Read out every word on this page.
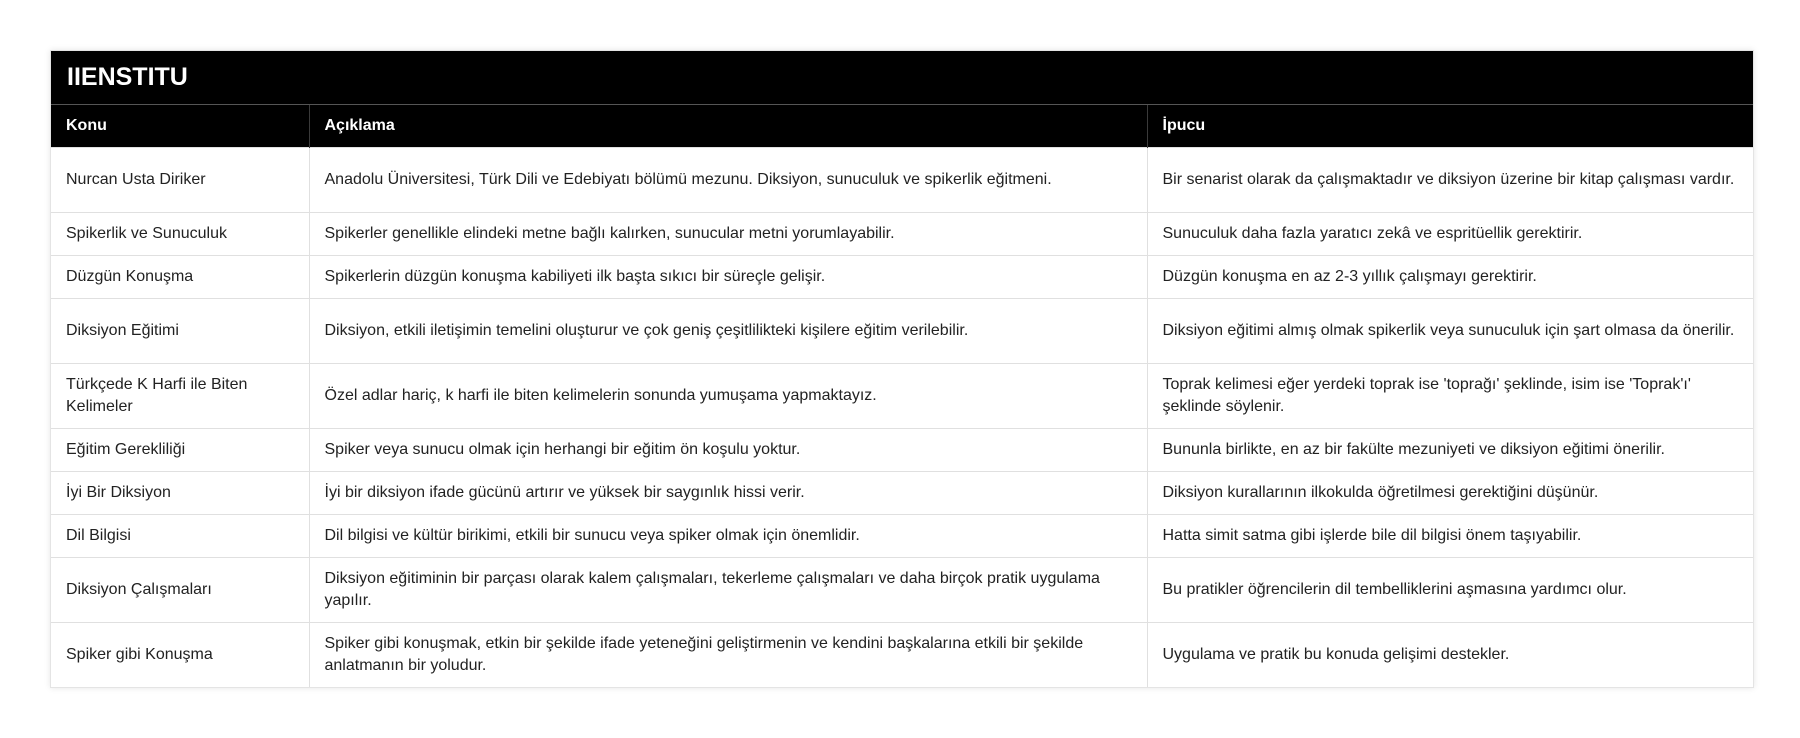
IIENSTITU
Konu	Açıklama	İpucu
Nurcan Usta Diriker	Anadolu Üniversitesi, Türk Dili ve Edebiyatı bölümü mezunu. Diksiyon, sunuculuk ve spikerlik eğitmeni.	Bir senarist olarak da çalışmaktadır ve diksiyon üzerine bir kitap çalışması vardır.
Spikerlik ve Sunuculuk	Spikerler genellikle elindeki metne bağlı kalırken, sunucular metni yorumlayabilir.	Sunuculuk daha fazla yaratıcı zekâ ve espritüellik gerektirir.
Düzgün Konuşma	Spikerlerin düzgün konuşma kabiliyeti ilk başta sıkıcı bir süreçle gelişir.	Düzgün konuşma en az 2-3 yıllık çalışmayı gerektirir.
Diksiyon Eğitimi	Diksiyon, etkili iletişimin temelini oluşturur ve çok geniş çeşitlilikteki kişilere eğitim verilebilir.	Diksiyon eğitimi almış olmak spikerlik veya sunuculuk için şart olmasa da önerilir.
Türkçede K Harfi ile Biten Kelimeler	Özel adlar hariç, k harfi ile biten kelimelerin sonunda yumuşama yapmaktayız.	Toprak kelimesi eğer yerdeki toprak ise 'toprağı' şeklinde, isim ise 'Toprak'ı' şeklinde söylenir.
Eğitim Gerekliliği	Spiker veya sunucu olmak için herhangi bir eğitim ön koşulu yoktur.	Bununla birlikte, en az bir fakülte mezuniyeti ve diksiyon eğitimi önerilir.
İyi Bir Diksiyon	İyi bir diksiyon ifade gücünü artırır ve yüksek bir saygınlık hissi verir.	Diksiyon kurallarının ilkokulda öğretilmesi gerektiğini düşünür.
Dil Bilgisi	Dil bilgisi ve kültür birikimi, etkili bir sunucu veya spiker olmak için önemlidir.	Hatta simit satma gibi işlerde bile dil bilgisi önem taşıyabilir.
Diksiyon Çalışmaları	Diksiyon eğitiminin bir parçası olarak kalem çalışmaları, tekerleme çalışmaları ve daha birçok pratik uygulama yapılır.	Bu pratikler öğrencilerin dil tembelliklerini aşmasına yardımcı olur.
Spiker gibi Konuşma	Spiker gibi konuşmak, etkin bir şekilde ifade yeteneğini geliştirmenin ve kendini başkalarına etkili bir şekilde anlatmanın bir yoludur.	Uygulama ve pratik bu konuda gelişimi destekler.
